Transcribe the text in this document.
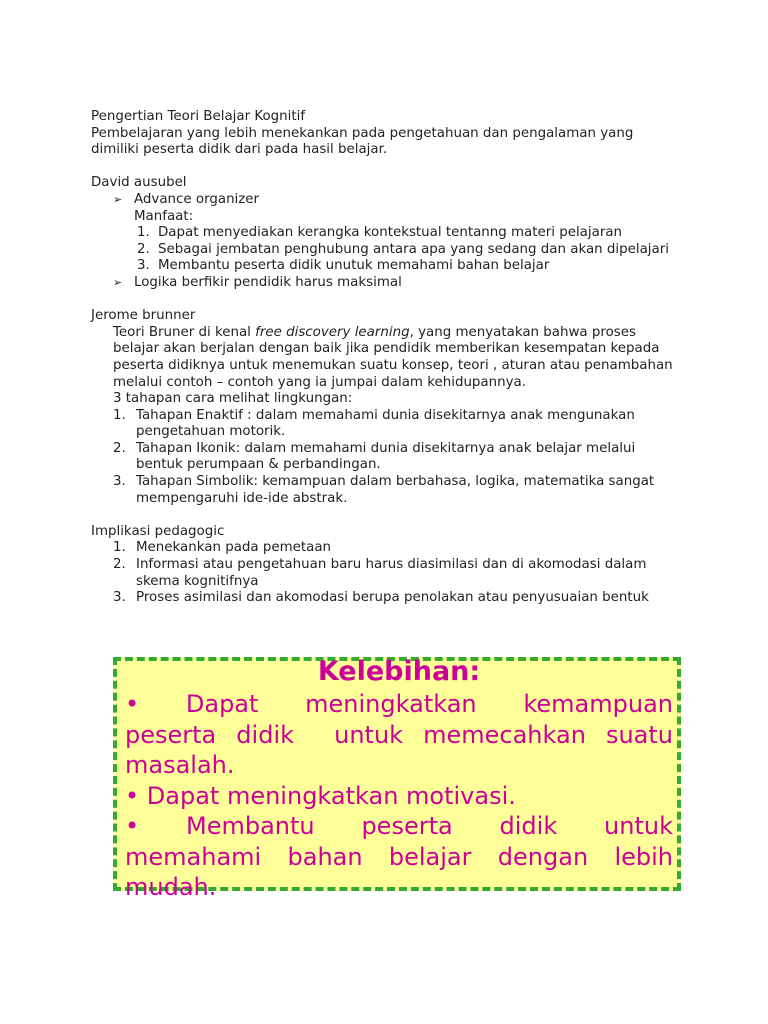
Pengertian Teori Belajar Kognitif

Pembelajaran yang lebih menekankan pada pengetahuan dan pengalaman yang dimiliki peserta didik dari pada hasil belajar.

David ausubel

➢ Advance organizer

Manfaat:

1. Dapat menyediakan kerangka kontekstual tentanng materi pelajaran
2. Sebagai jembatan penghubung antara apa yang sedang dan akan dipelajari
3. Membantu peserta didik unutuk memahami bahan belajar
➢ Logika berfikir pendidik harus maksimal

Jerome brunner

Teori Bruner di kenal free discovery learning, yang menyatakan bahwa proses belajar akan berjalan dengan baik jika pendidik memberikan kesempatan kepada peserta didiknya untuk menemukan suatu konsep, teori , aturan atau penambahan melalui contoh – contoh yang ia jumpai dalam kehidupannya.

3 tahapan cara melihat lingkungan:

1. Tahapan Enaktif : dalam memahami dunia disekitarnya anak mengunakan pengetahuan motorik.
2. Tahapan Ikonik: dalam memahami dunia disekitarnya anak belajar melalui bentuk perumpaan & perbandingan.
3. Tahapan Simbolik: kemampuan dalam berbahasa, logika, matematika sangat mempengaruhi ide-ide abstrak.

Implikasi pedagogic

1. Menekankan pada pemetaan
2. Informasi atau pengetahuan baru harus diasimilasi dan di akomodasi dalam skema kognitifnya
3. Proses asimilasi dan akomodasi berupa penolakan atau penyusuaian bentuk
Kelebihan:
•     Dapat     meningkatkan     kemampuan peserta didik  untuk memecahkan suatu masalah.
• Dapat meningkatkan motivasi.
•      Membantu      peserta      didik      untuk memahami bahan belajar dengan lebih mudah.
